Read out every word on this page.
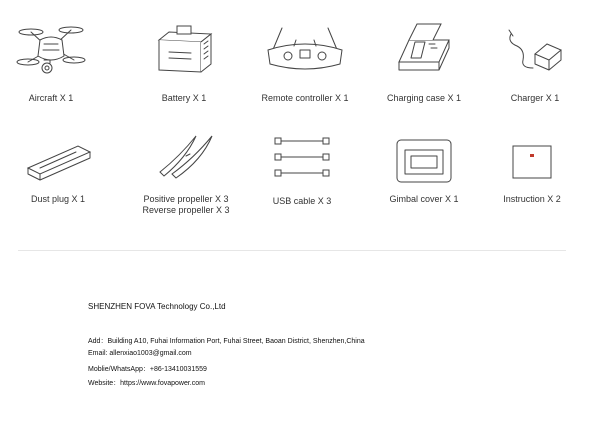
Aircraft X 1	Battery X 1	Remote controller X 1	Charging case X 1	Charger X 1
Dust plug X 1	Positive propeller X 3
Reverse propeller X 3
USB cable X 3	Gimbal cover X 1	Instruction X 2
SHENZHEN FOVA Technology Co.,Ltd
Add：Building A10, Fuhai Information Port, Fuhai Street, Baoan District, Shenzhen,China
Email: allenxiao1003@gmail.com
Moblie/WhatsApp：+86-13410031559
Website：https://www.fovapower.com
